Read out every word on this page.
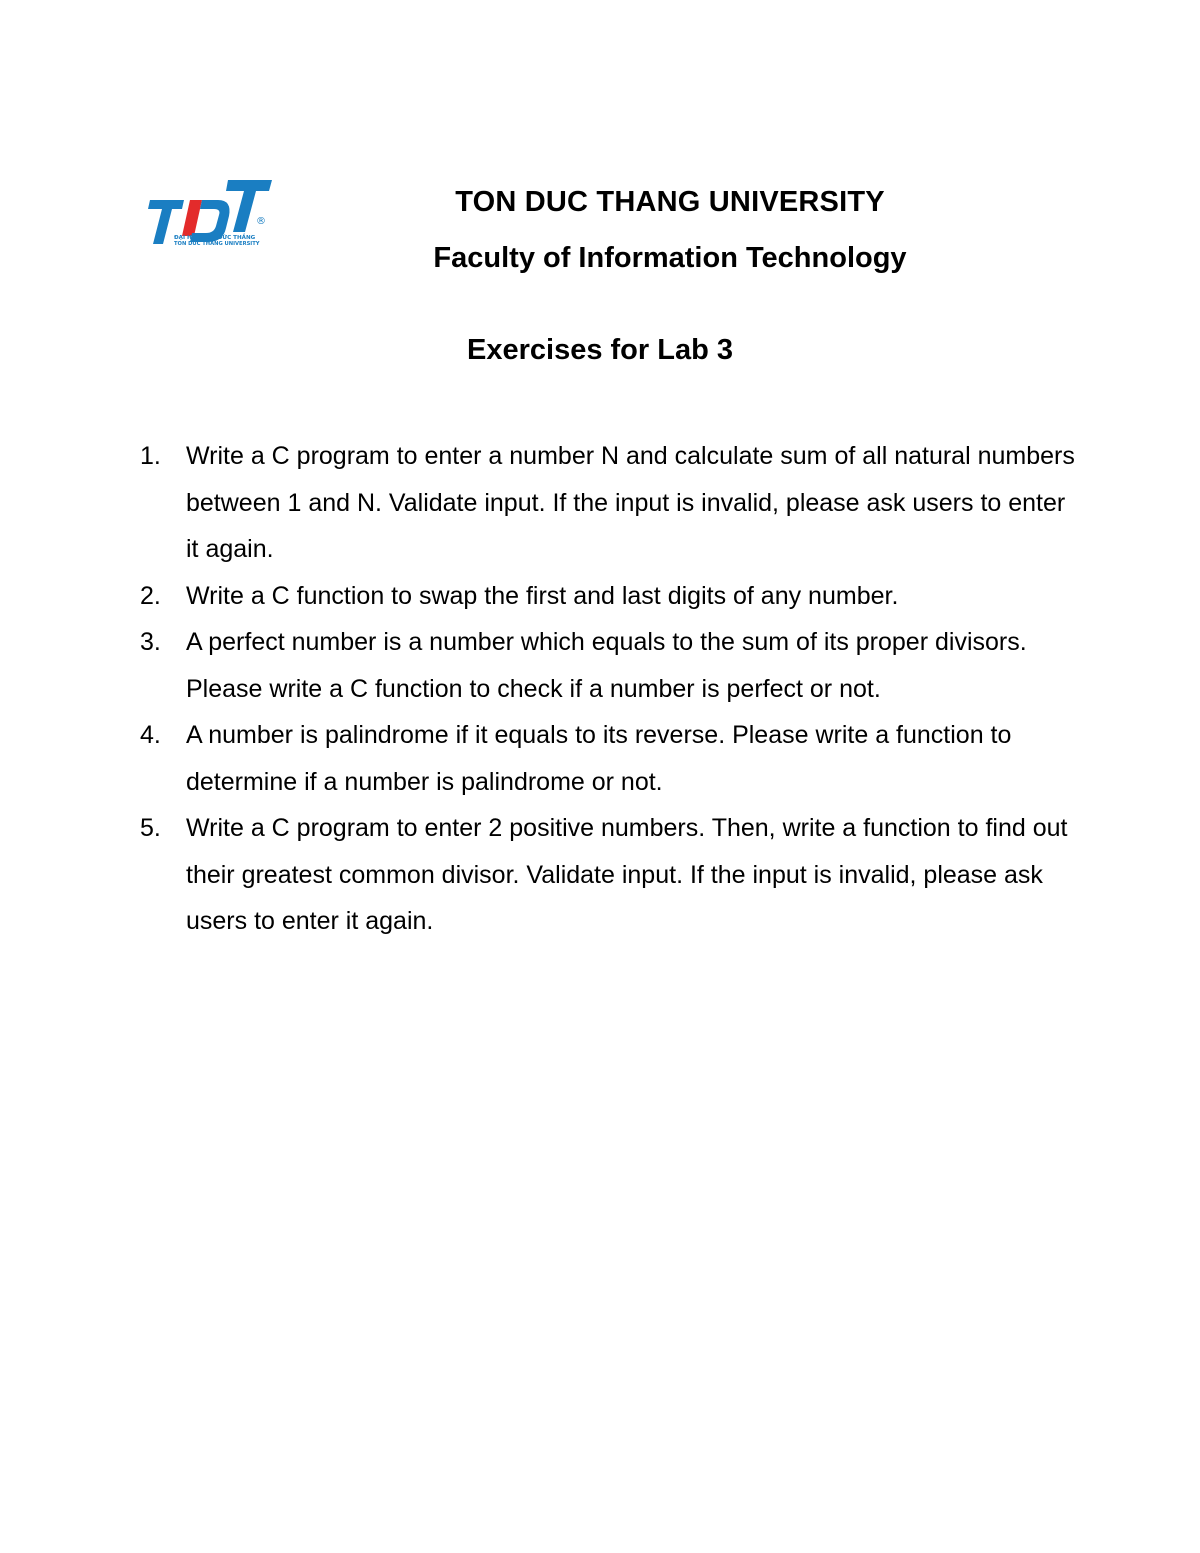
®
ĐẠI HỌC TÔN ĐỨC THẮNG
TON DUC THANG UNIVERSITY
TON DUC THANG UNIVERSITY
Faculty of Information Technology
Exercises for Lab 3
1. Write a C program to enter a number N and calculate sum of all natural numbers between 1 and N. Validate input. If the input is invalid, please ask users to enter it again.
2. Write a C function to swap the first and last digits of any number.
3. A perfect number is a number which equals to the sum of its proper divisors. Please write a C function to check if a number is perfect or not.
4. A number is palindrome if it equals to its reverse. Please write a function to determine if a number is palindrome or not.
5. Write a C program to enter 2 positive numbers. Then, write a function to find out their greatest common divisor. Validate input. If the input is invalid, please ask users to enter it again.
